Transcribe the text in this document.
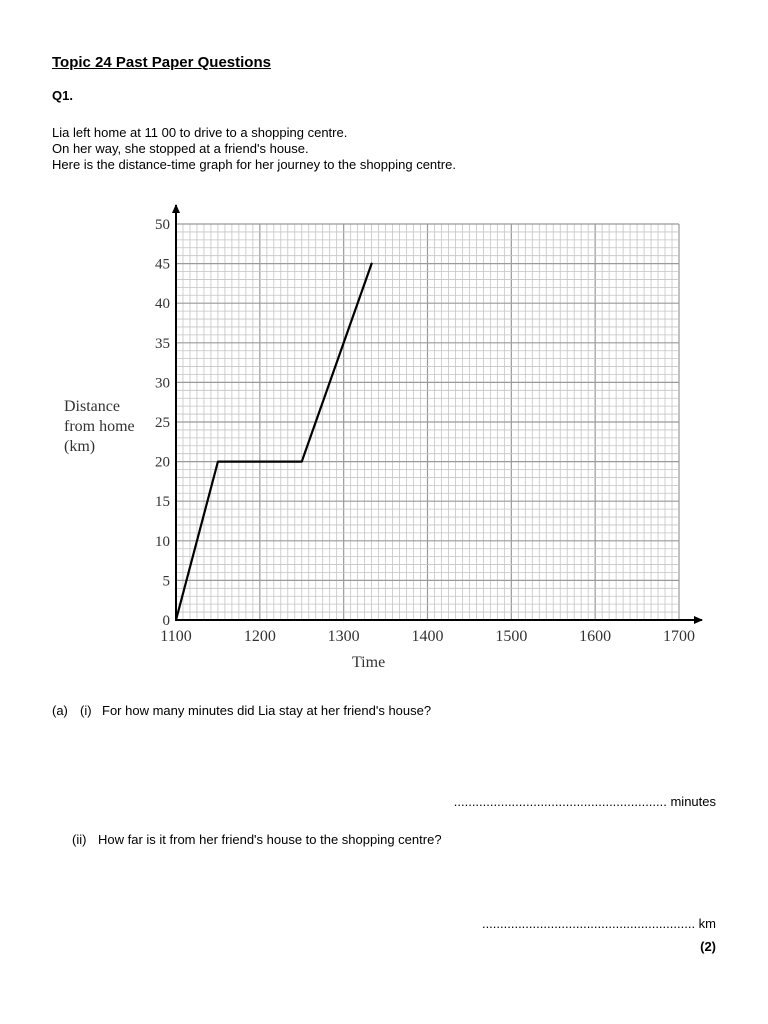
Topic 24 Past Paper Questions
Q1.
Lia left home at 11 00 to drive to a shopping centre.
On her way, she stopped at a friend's house.
Here is the distance-time graph for her journey to the shopping centre.
0
5
10
15
20
25
30
35
40
45
50
1100	1200	1300	1400	1500	1600	1700
Time
Distance
from home
(km)
(a) (i) For how many minutes did Lia stay at her friend's house?
........................................................... minutes
(ii) How far is it from her friend's house to the shopping centre?
........................................................... km
(2)
